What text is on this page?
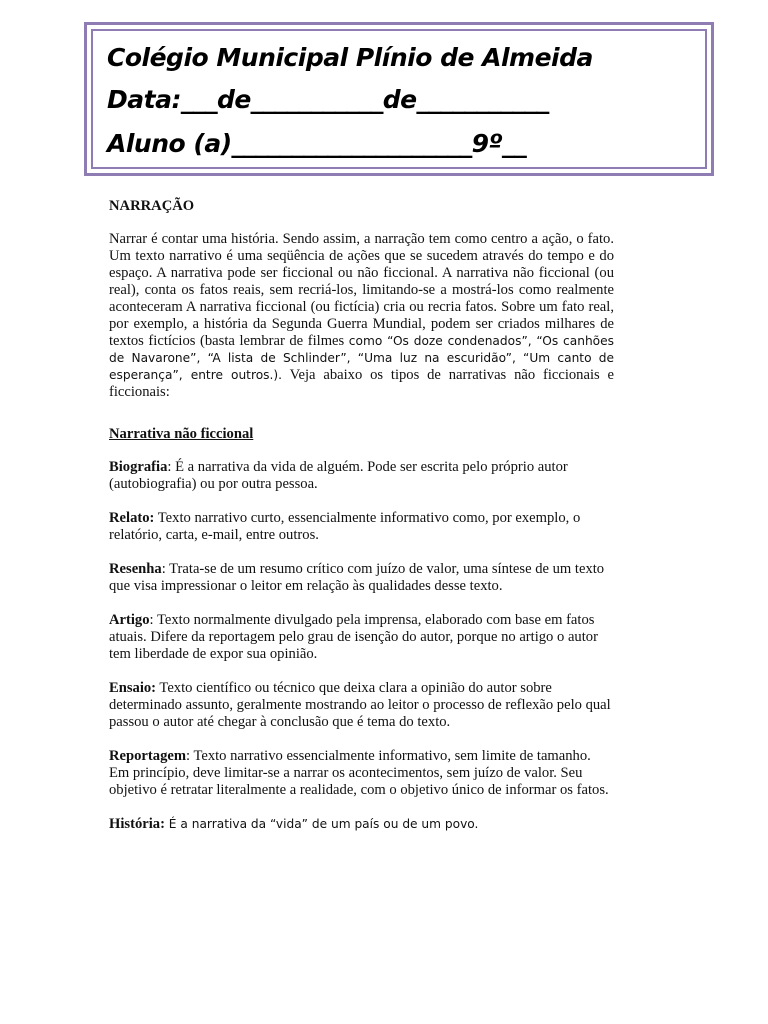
Colégio Municipal Plínio de Almeida
Data:___de___________de___________
Aluno (a)____________________9º__
NARRAÇÃO
Narrar é contar uma história. Sendo assim, a narração tem como centro a ação, o fato. Um texto narrativo é uma seqüência de ações que se sucedem através do tempo e do espaço. A narrativa pode ser ficcional ou não ficcional. A narrativa não ficcional (ou real), conta os fatos reais, sem recriá-los, limitando-se a mostrá-los como realmente aconteceram A narrativa ficcional (ou fictícia) cria ou recria fatos. Sobre um fato real, por exemplo, a história da Segunda Guerra Mundial, podem ser criados milhares de textos fictícios (basta lembrar de filmes como “Os doze condenados”, “Os canhões de Navarone”, “A lista de Schlinder”, “Uma luz na escuridão”, “Um canto de esperança”, entre outros.). Veja abaixo os tipos de narrativas não ficcionais e ficcionais:
Narrativa não ficcional
Biografia: É a narrativa da vida de alguém. Pode ser escrita pelo próprio autor (autobiografia) ou por outra pessoa.
Relato: Texto narrativo curto, essencialmente informativo como, por exemplo, o relatório, carta, e-mail, entre outros.
Resenha: Trata-se de um resumo crítico com juízo de valor, uma síntese de um texto que visa impressionar o leitor em relação às qualidades desse texto.
Artigo: Texto normalmente divulgado pela imprensa, elaborado com base em fatos atuais. Difere da reportagem pelo grau de isenção do autor, porque no artigo o autor tem liberdade de expor sua opinião.
Ensaio: Texto científico ou técnico que deixa clara a opinião do autor sobre determinado assunto, geralmente mostrando ao leitor o processo de reflexão pelo qual passou o autor até chegar à conclusão que é tema do texto.
Reportagem: Texto narrativo essencialmente informativo, sem limite de tamanho. Em princípio, deve limitar-se a narrar os acontecimentos, sem juízo de valor. Seu objetivo é retratar literalmente a realidade, com o objetivo único de informar os fatos.
História: É a narrativa da “vida” de um país ou de um povo.
